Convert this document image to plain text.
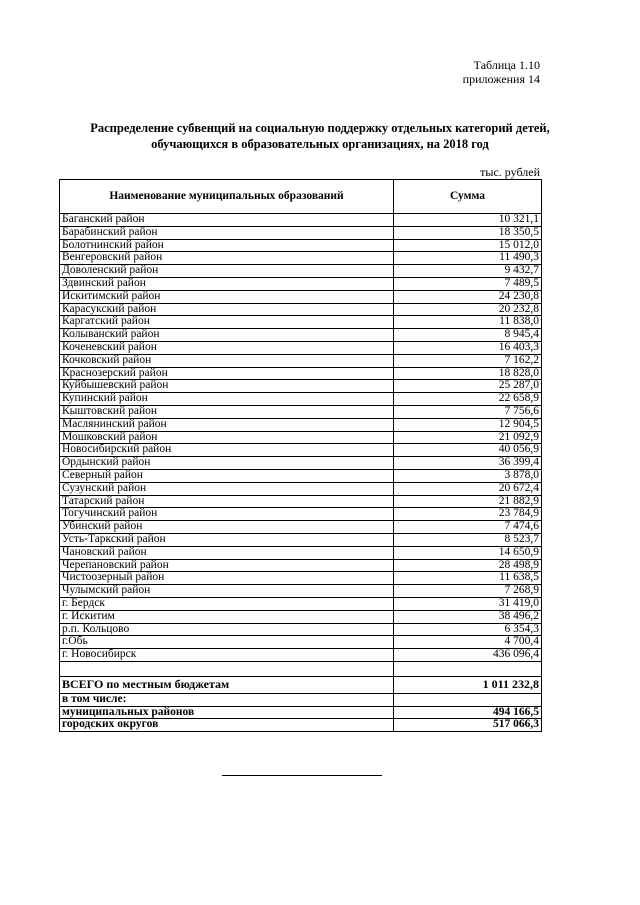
Таблица 1.10
приложения 14
Распределение субвенций на социальную поддержку отдельных категорий детей,
обучающихся в образовательных организациях, на 2018 год
тыс. рублей
Наименование муниципальных образований	Сумма
Баганский район	10 321,1
Барабинский район	18 350,5
Болотнинский район	15 012,0
Венгеровский район	11 490,3
Доволенский район	9 432,7
Здвинский район	7 489,5
Искитимский район	24 230,8
Карасукский район	20 232,8
Каргатский район	11 838,0
Колыванский район	8 945,4
Коченевский район	16 403,3
Кочковский район	7 162,2
Краснозерский район	18 828,0
Куйбышевский район	25 287,0
Купинский район	22 658,9
Кыштовский район	7 756,6
Маслянинский район	12 904,5
Мошковский район	21 092,9
Новосибирский район	40 056,9
Ордынский район	36 399,4
Северный район	3 878,0
Сузунский район	20 672,4
Татарский район	21 882,9
Тогучинский район	23 784,9
Убинский район	7 474,6
Усть-Таркский район	8 523,7
Чановский район	14 650,9
Черепановский район	28 498,9
Чистоозерный район	11 638,5
Чулымский район	7 268,9
г. Бердск	31 419,0
г. Искитим	38 496,2
р.п. Кольцово	6 354,3
г.Обь	4 700,4
г. Новосибирск	436 096,4

ВСЕГО по местным бюджетам	1 011 232,8
в том числе:	
муниципальных районов	494 166,5
городских округов	517 066,3
